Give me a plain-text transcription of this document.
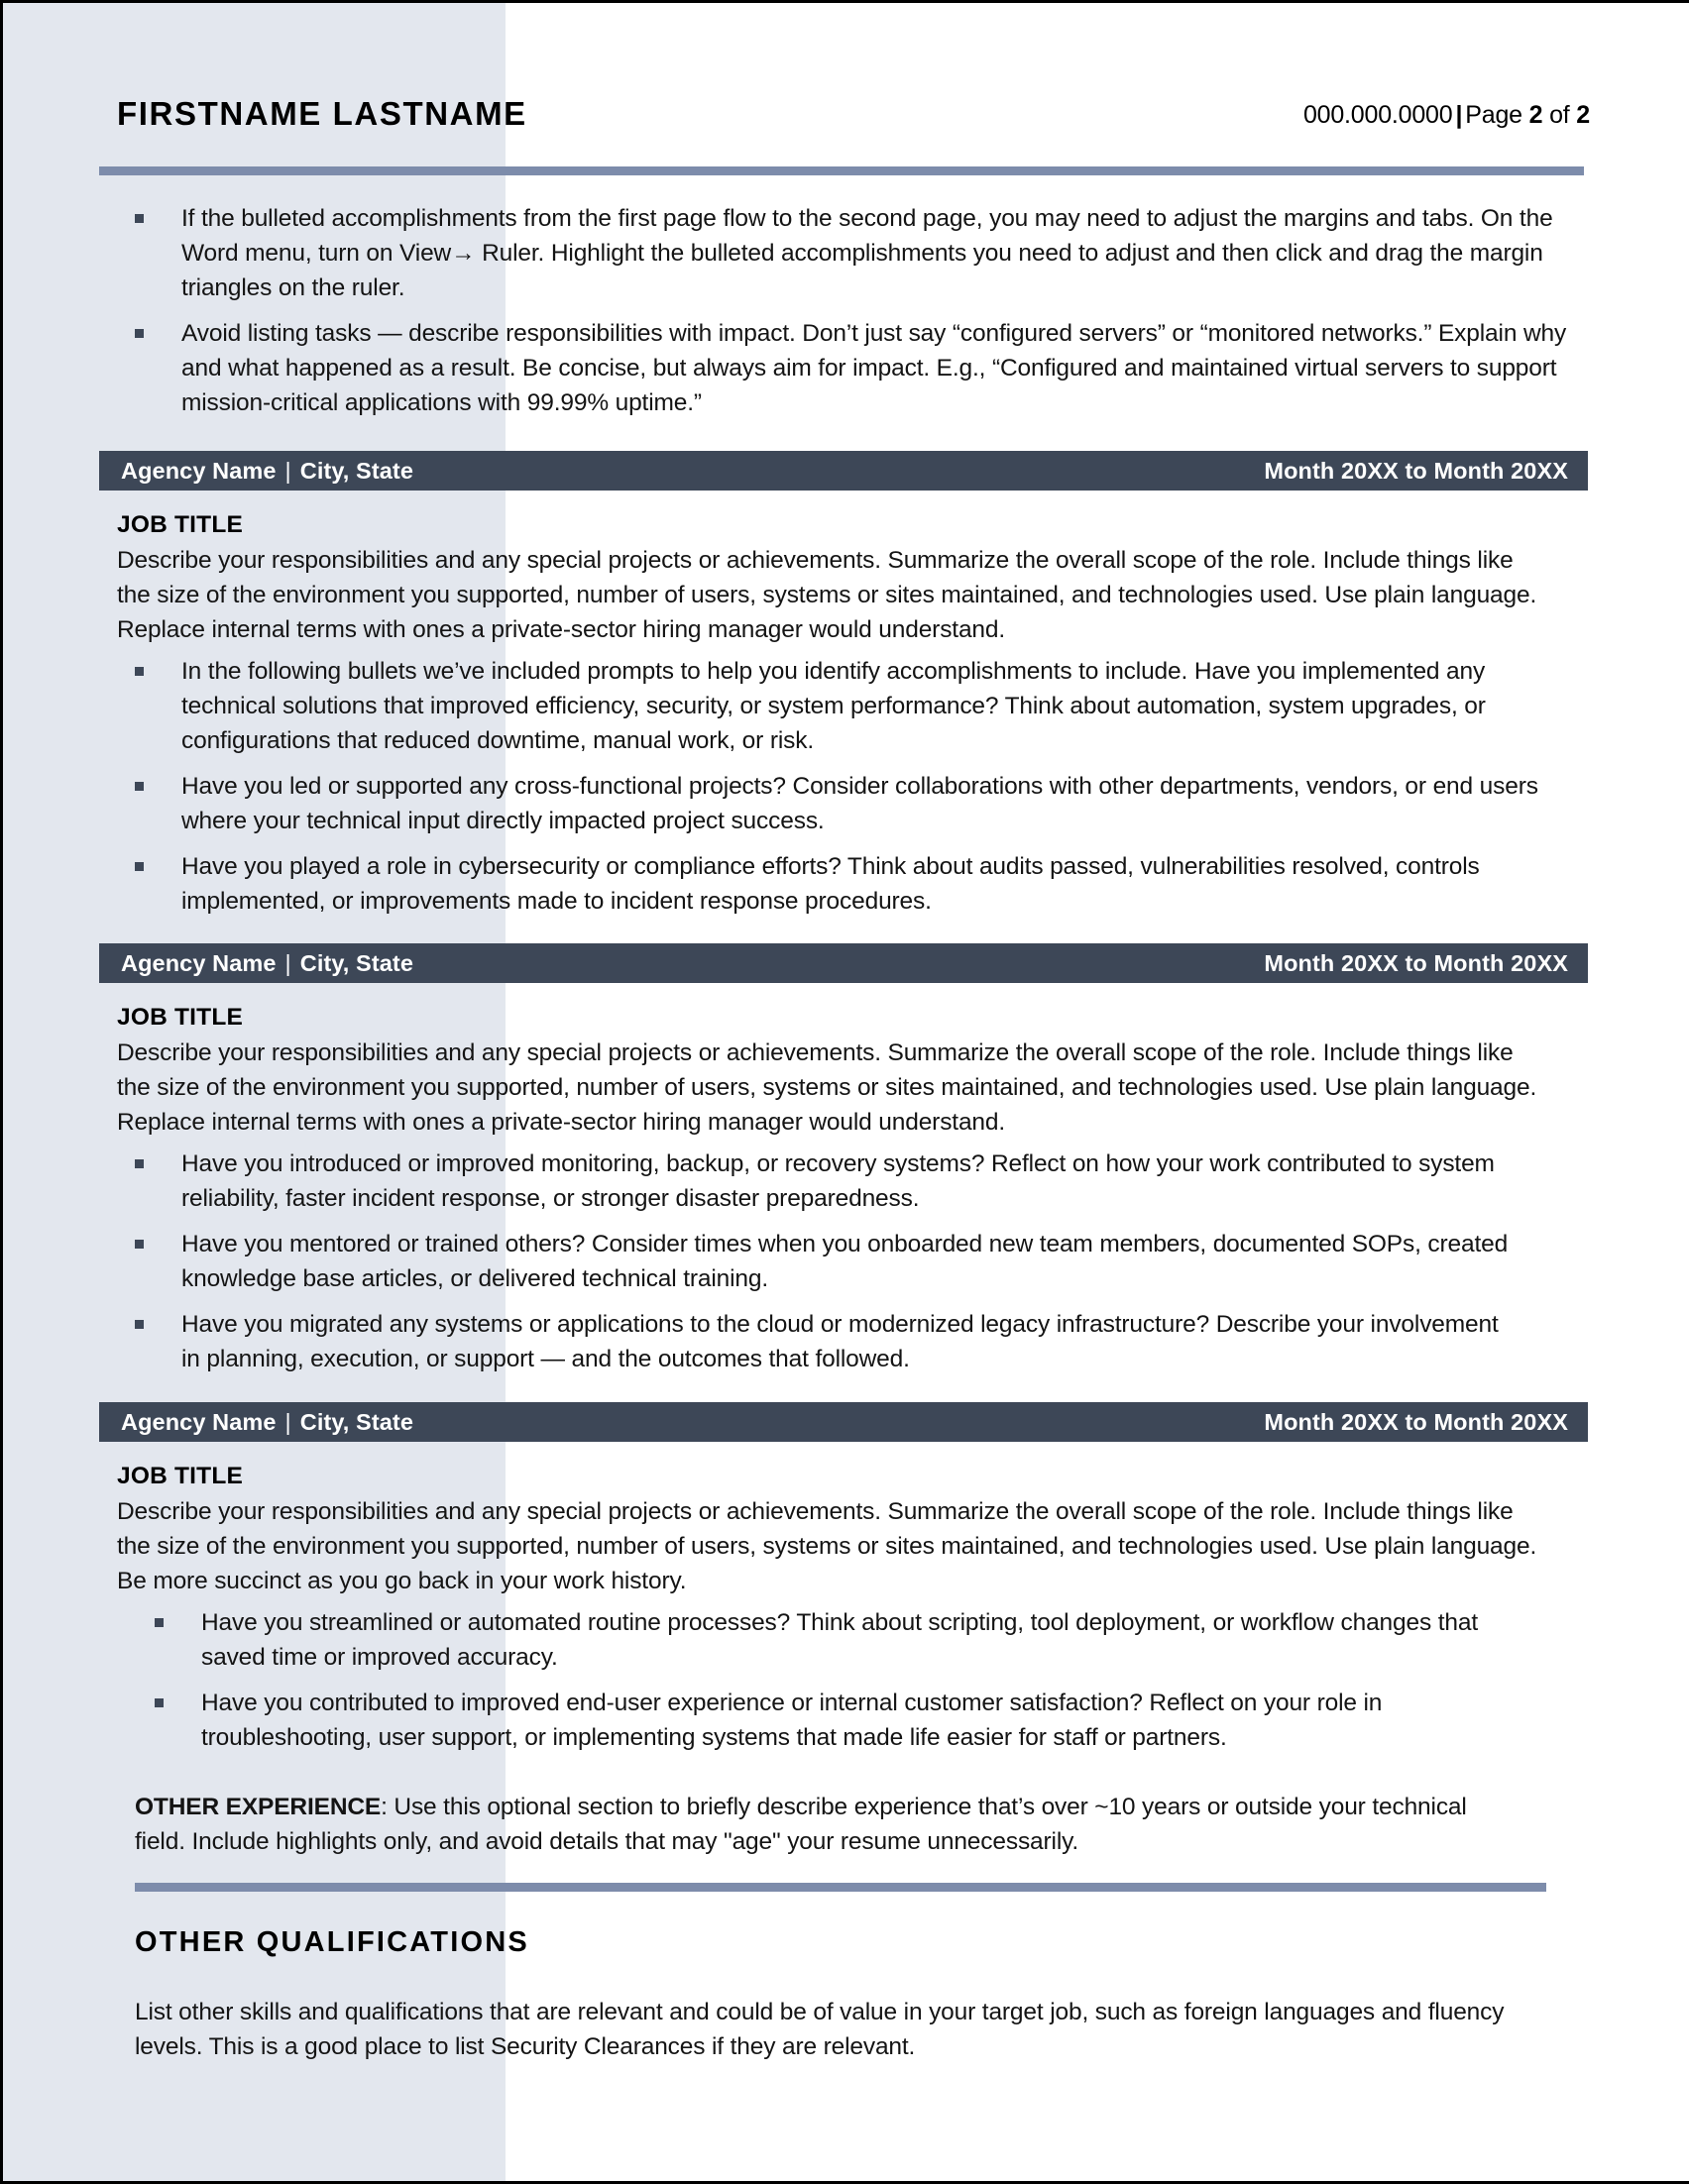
FIRSTNAME LASTNAME	000.000.0000 | Page 2 of 2
If the bulleted accomplishments from the first page flow to the second page, you may need to adjust the margins and tabs. On the Word menu, turn on View→ Ruler. Highlight the bulleted accomplishments you need to adjust and then click and drag the margin triangles on the ruler.
Avoid listing tasks — describe responsibilities with impact. Don’t just say “configured servers” or “monitored networks.” Explain why and what happened as a result. Be concise, but always aim for impact. E.g., “Configured and maintained virtual servers to support mission-critical applications with 99.99% uptime.”
Agency Name | City, State	Month 20XX to Month 20XX
JOB TITLE
Describe your responsibilities and any special projects or achievements. Summarize the overall scope of the role. Include things like the size of the environment you supported, number of users, systems or sites maintained, and technologies used. Use plain language. Replace internal terms with ones a private-sector hiring manager would understand.
In the following bullets we’ve included prompts to help you identify accomplishments to include. Have you implemented any technical solutions that improved efficiency, security, or system performance? Think about automation, system upgrades, or configurations that reduced downtime, manual work, or risk.
Have you led or supported any cross-functional projects? Consider collaborations with other departments, vendors, or end users where your technical input directly impacted project success.
Have you played a role in cybersecurity or compliance efforts? Think about audits passed, vulnerabilities resolved, controls implemented, or improvements made to incident response procedures.
Agency Name | City, State	Month 20XX to Month 20XX
JOB TITLE
Describe your responsibilities and any special projects or achievements. Summarize the overall scope of the role. Include things like the size of the environment you supported, number of users, systems or sites maintained, and technologies used. Use plain language. Replace internal terms with ones a private-sector hiring manager would understand.
Have you introduced or improved monitoring, backup, or recovery systems? Reflect on how your work contributed to system reliability, faster incident response, or stronger disaster preparedness.
Have you mentored or trained others? Consider times when you onboarded new team members, documented SOPs, created knowledge base articles, or delivered technical training.
Have you migrated any systems or applications to the cloud or modernized legacy infrastructure? Describe your involvement in planning, execution, or support — and the outcomes that followed.
Agency Name | City, State	Month 20XX to Month 20XX
JOB TITLE
Describe your responsibilities and any special projects or achievements. Summarize the overall scope of the role. Include things like the size of the environment you supported, number of users, systems or sites maintained, and technologies used. Use plain language. Be more succinct as you go back in your work history.
Have you streamlined or automated routine processes? Think about scripting, tool deployment, or workflow changes that saved time or improved accuracy.
Have you contributed to improved end-user experience or internal customer satisfaction? Reflect on your role in troubleshooting, user support, or implementing systems that made life easier for staff or partners.
OTHER EXPERIENCE: Use this optional section to briefly describe experience that’s over ~10 years or outside your technical field. Include highlights only, and avoid details that may "age" your resume unnecessarily.
OTHER QUALIFICATIONS
List other skills and qualifications that are relevant and could be of value in your target job, such as foreign languages and fluency levels. This is a good place to list Security Clearances if they are relevant.
